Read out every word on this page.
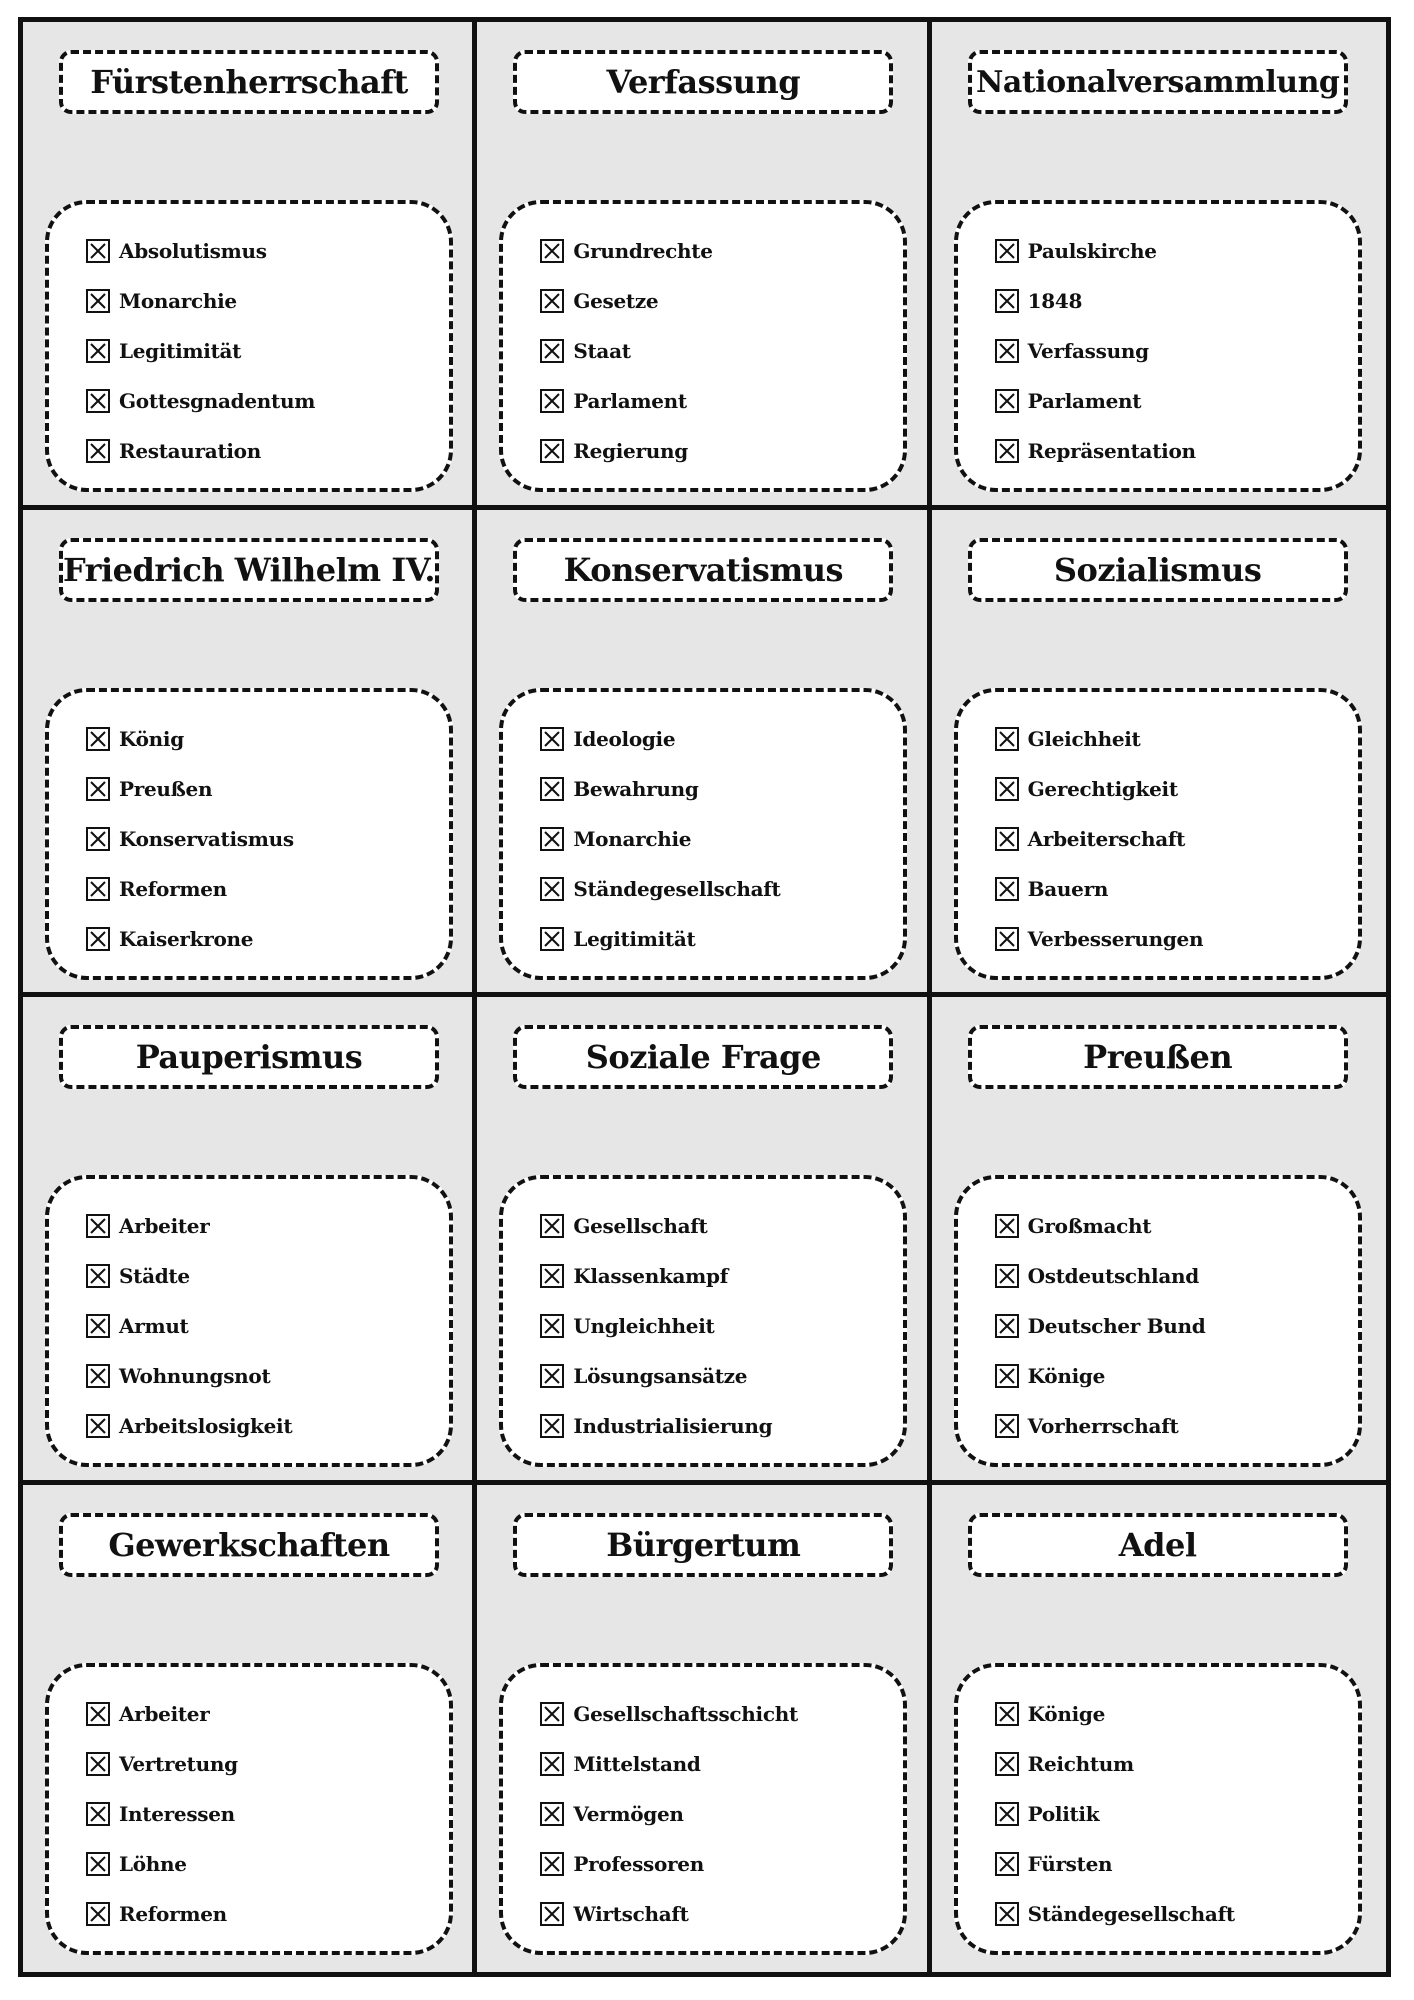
Fürstenherrschaft
Absolutismus
Monarchie
Legitimität
Gottesgnadentum
Restauration
Verfassung
Grundrechte
Gesetze
Staat
Parlament
Regierung
Nationalversammlung
Paulskirche
1848
Verfassung
Parlament
Repräsentation
Friedrich Wilhelm IV.
König
Preußen
Konservatismus
Reformen
Kaiserkrone
Konservatismus
Ideologie
Bewahrung
Monarchie
Ständegesellschaft
Legitimität
Sozialismus
Gleichheit
Gerechtigkeit
Arbeiterschaft
Bauern
Verbesserungen
Pauperismus
Arbeiter
Städte
Armut
Wohnungsnot
Arbeitslosigkeit
Soziale Frage
Gesellschaft
Klassenkampf
Ungleichheit
Lösungsansätze
Industrialisierung
Preußen
Großmacht
Ostdeutschland
Deutscher Bund
Könige
Vorherrschaft
Gewerkschaften
Arbeiter
Vertretung
Interessen
Löhne
Reformen
Bürgertum
Gesellschaftsschicht
Mittelstand
Vermögen
Professoren
Wirtschaft
Adel
Könige
Reichtum
Politik
Fürsten
Ständegesellschaft
